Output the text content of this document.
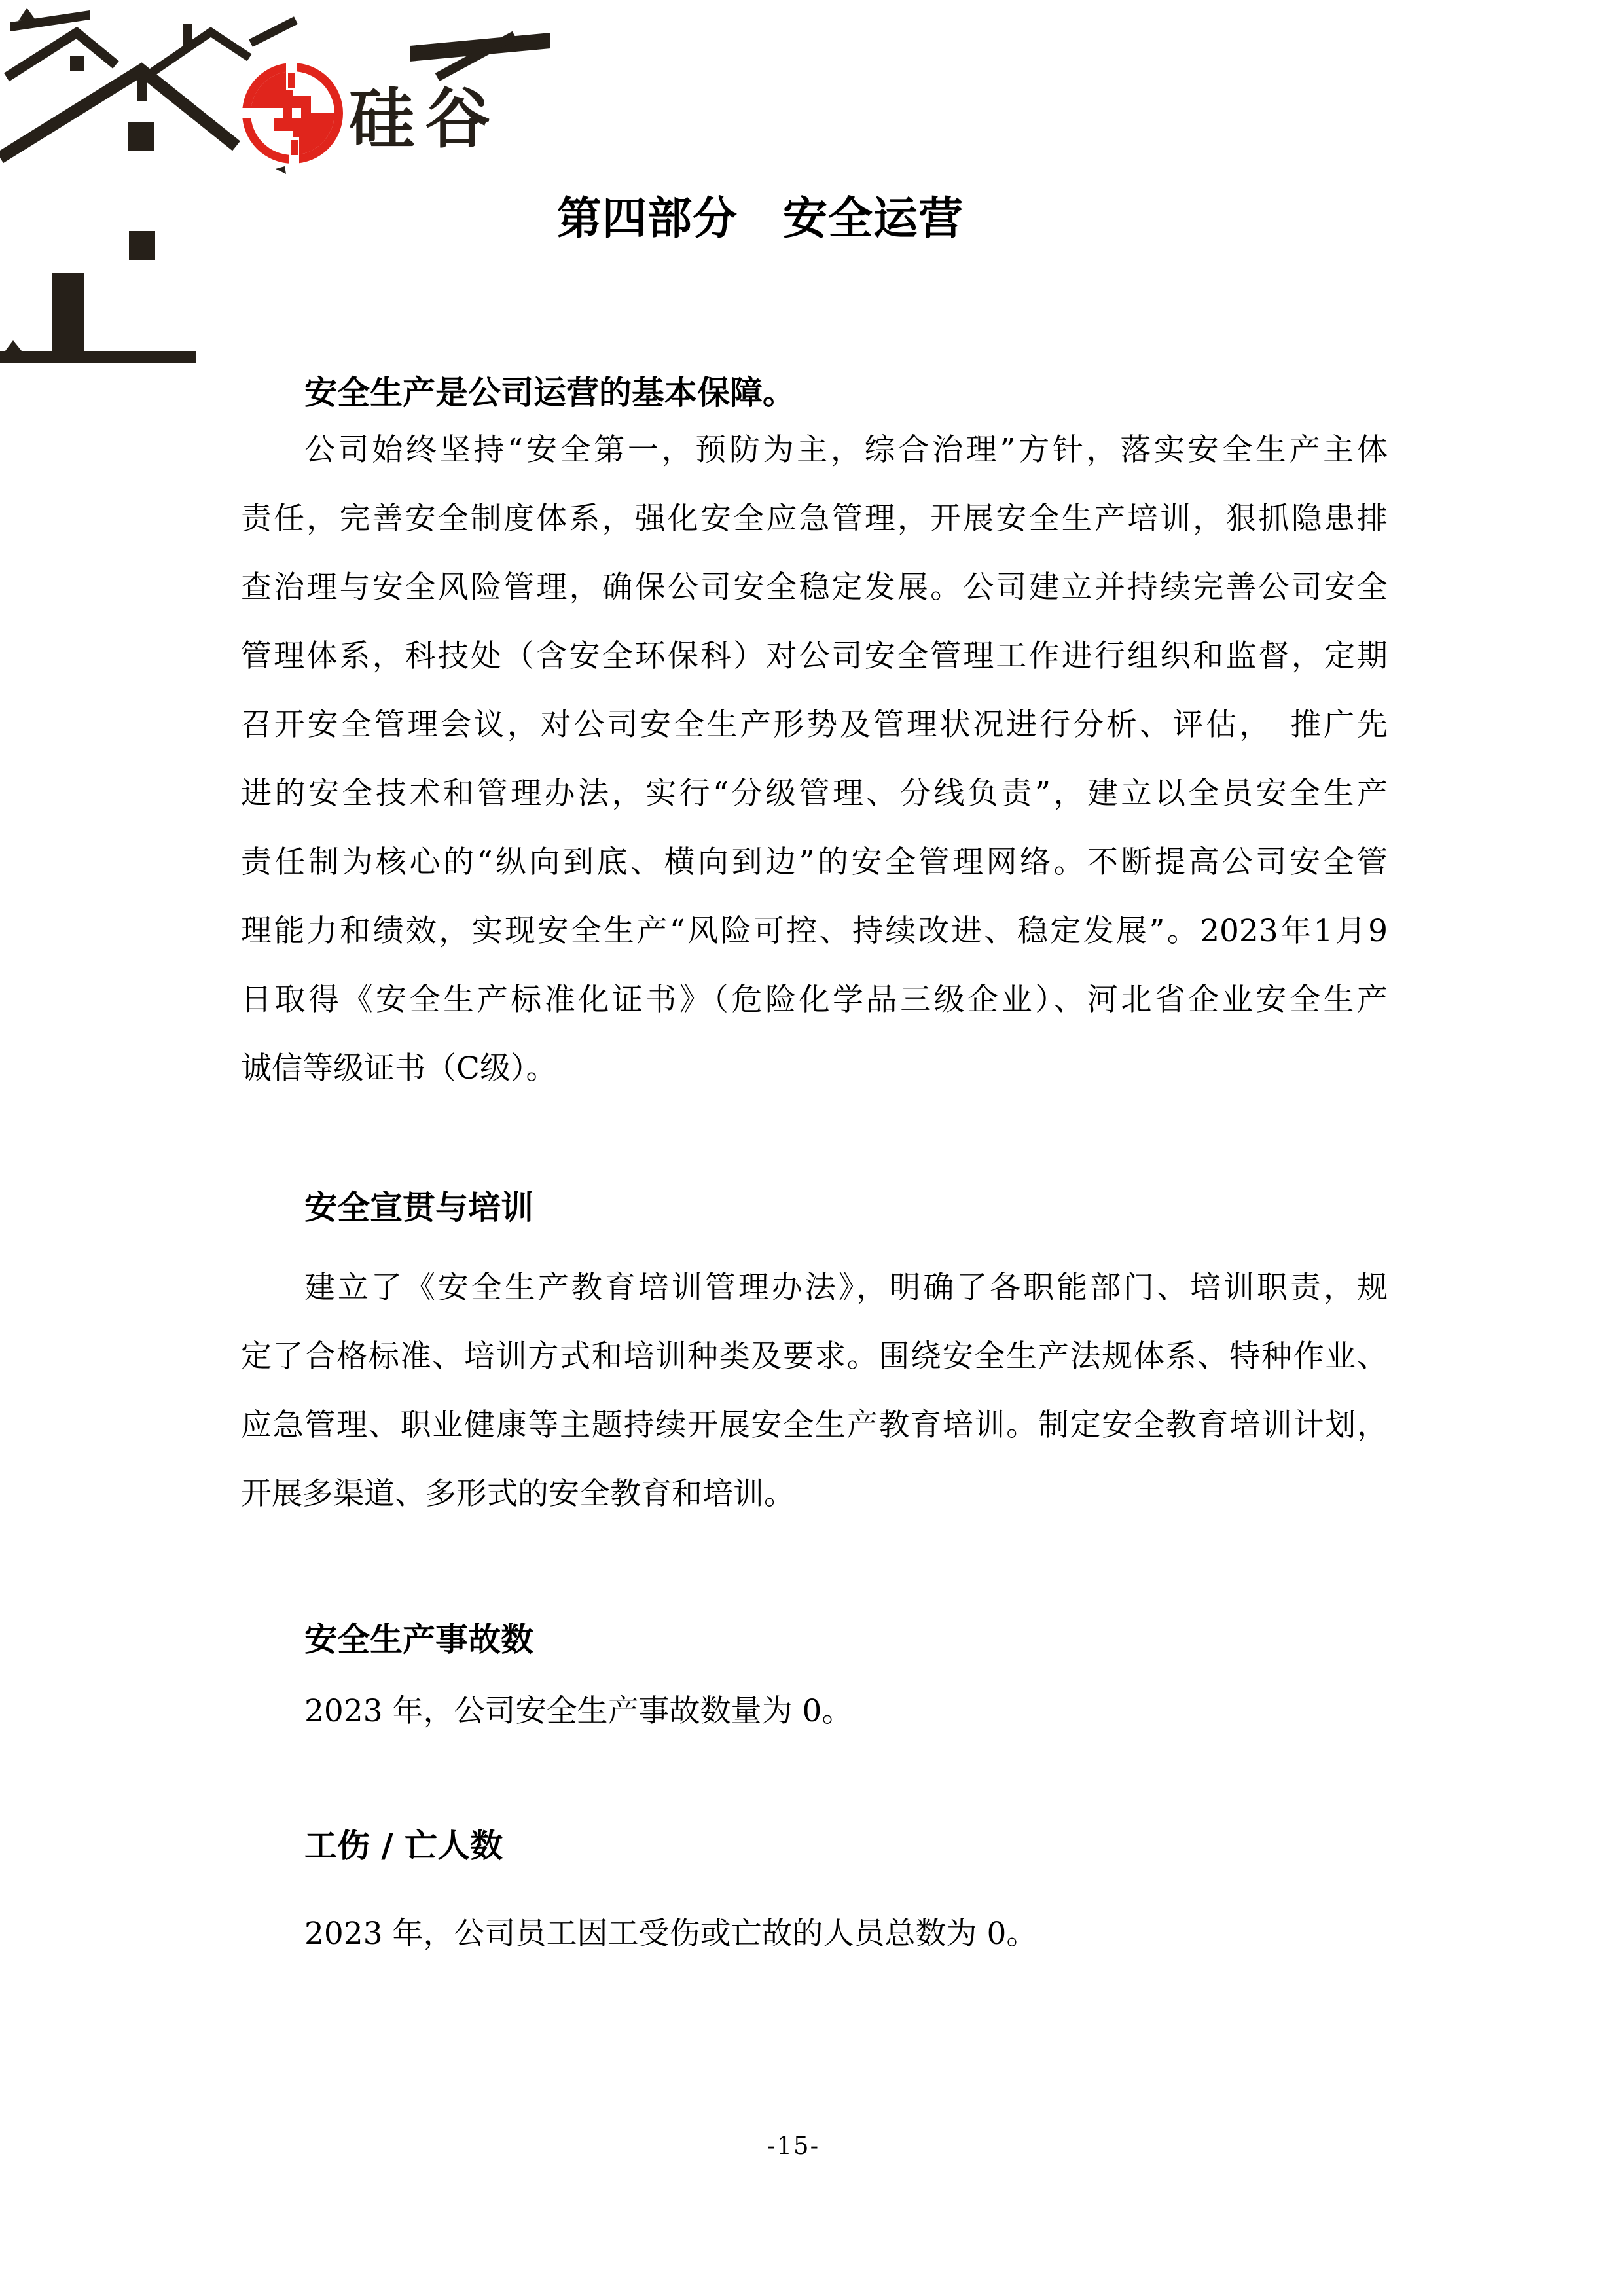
硅谷
第四部分　安全运营
安全生产是公司运营的基本保障。
公司始终坚持“安全第一，预防为主，综合治理”方针，落实安全生产主体
责任，完善安全制度体系，强化安全应急管理，开展安全生产培训，狠抓隐患排
查治理与安全风险管理，确保公司安全稳定发展。公司建立并持续完善公司安全
管理体系，科技处（含安全环保科）对公司安全管理工作进行组织和监督，定期
召开安全管理会议，对公司安全生产形势及管理状况进行分析、评估，　推广先
进的安全技术和管理办法，实行“分级管理、分线负责”，建立以全员安全生产
责任制为核心的“纵向到底、横向到边”的安全管理网络。不断提高公司安全管
理能力和绩效，实现安全生产“风险可控、持续改进、稳定发展”。2023年1月9
日取得《安全生产标准化证书》（危险化学品三级企业）、河北省企业安全生产
诚信等级证书（C级）。
安全宣贯与培训
建立了《安全生产教育培训管理办法》，明确了各职能部门、培训职责，规
定了合格标准、培训方式和培训种类及要求。围绕安全生产法规体系、特种作业、
应急管理、职业健康等主题持续开展安全生产教育培训。制定安全教育培训计划，
开展多渠道、多形式的安全教育和培训。
安全生产事故数
2023 年，公司安全生产事故数量为 0。
工伤 / 亡人数
2023 年，公司员工因工受伤或亡故的人员总数为 0。
-15-
